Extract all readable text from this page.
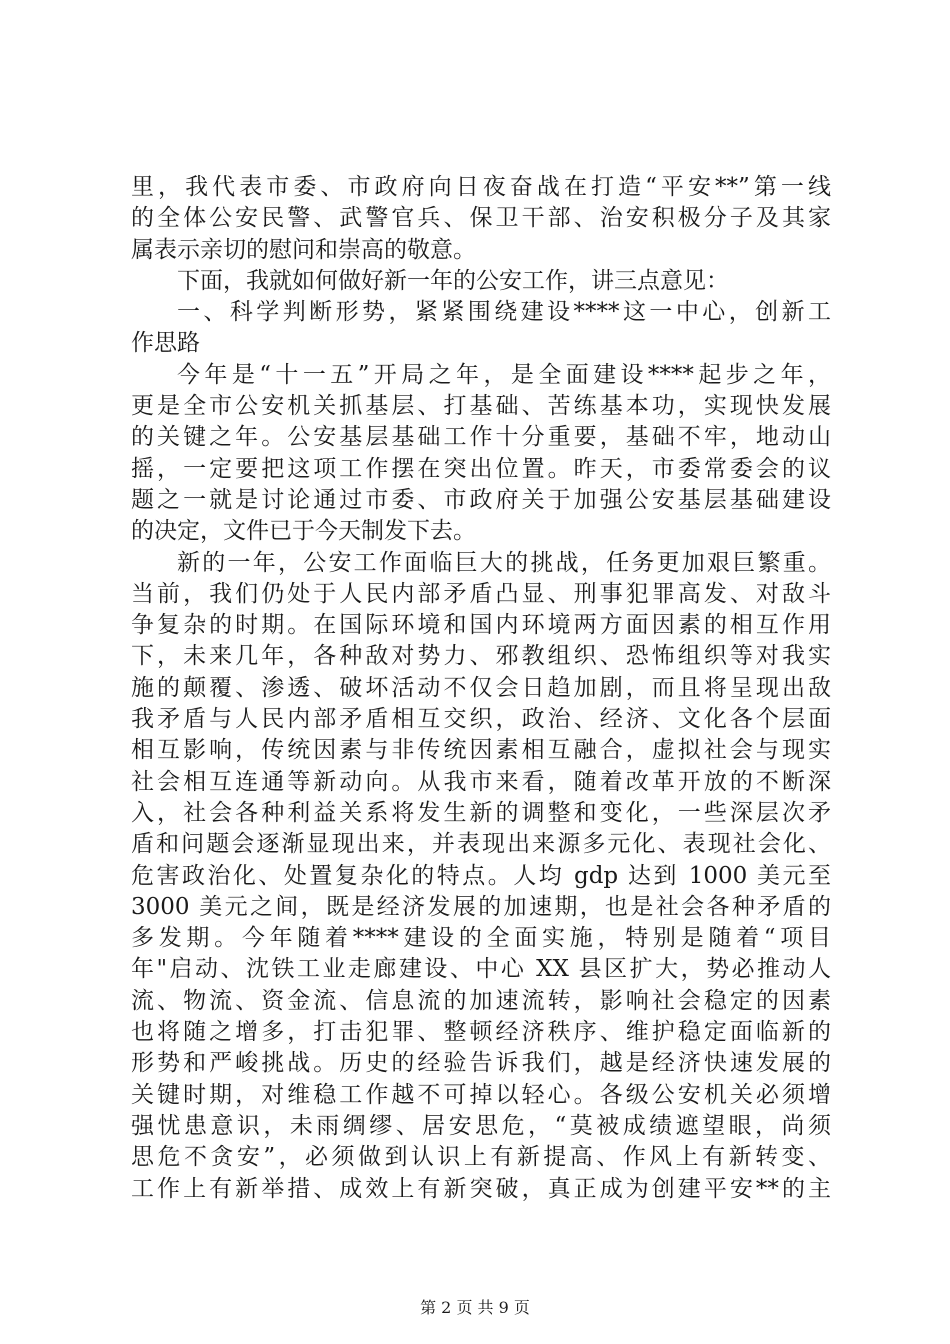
里，我代表市委、市政府向日夜奋战在打造“平安**”第一线
的全体公安民警、武警官兵、保卫干部、治安积极分子及其家
属表示亲切的慰问和崇高的敬意。
下面，我就如何做好新一年的公安工作，讲三点意见：
一、科学判断形势，紧紧围绕建设****这一中心，创新工
作思路
今年是“十一五”开局之年，是全面建设****起步之年，
更是全市公安机关抓基层、打基础、苦练基本功，实现快发展
的关键之年。公安基层基础工作十分重要，基础不牢，地动山
摇，一定要把这项工作摆在突出位置。昨天，市委常委会的议
题之一就是讨论通过市委、市政府关于加强公安基层基础建设
的决定，文件已于今天制发下去。
新的一年，公安工作面临巨大的挑战，任务更加艰巨繁重。
当前，我们仍处于人民内部矛盾凸显、刑事犯罪高发、对敌斗
争复杂的时期。在国际环境和国内环境两方面因素的相互作用
下，未来几年，各种敌对势力、邪教组织、恐怖组织等对我实
施的颠覆、渗透、破坏活动不仅会日趋加剧，而且将呈现出敌
我矛盾与人民内部矛盾相互交织，政治、经济、文化各个层面
相互影响，传统因素与非传统因素相互融合，虚拟社会与现实
社会相互连通等新动向。从我市来看，随着改革开放的不断深
入，社会各种利益关系将发生新的调整和变化，一些深层次矛
盾和问题会逐渐显现出来，并表现出来源多元化、表现社会化、
危害政治化、处置复杂化的特点。人均 gdp 达到 1000 美元至
3000 美元之间，既是经济发展的加速期，也是社会各种矛盾的
多发期。今年随着****建设的全面实施，特别是随着“项目
年"启动、沈铁工业走廊建设、中心 XX 县区扩大，势必推动人
流、物流、资金流、信息流的加速流转，影响社会稳定的因素
也将随之增多，打击犯罪、整顿经济秩序、维护稳定面临新的
形势和严峻挑战。历史的经验告诉我们，越是经济快速发展的
关键时期，对维稳工作越不可掉以轻心。各级公安机关必须增
强忧患意识，未雨绸缪、居安思危，“莫被成绩遮望眼，尚须
思危不贪安”，必须做到认识上有新提高、作风上有新转变、
工作上有新举措、成效上有新突破，真正成为创建平安**的主
第 2 页 共 9 页
